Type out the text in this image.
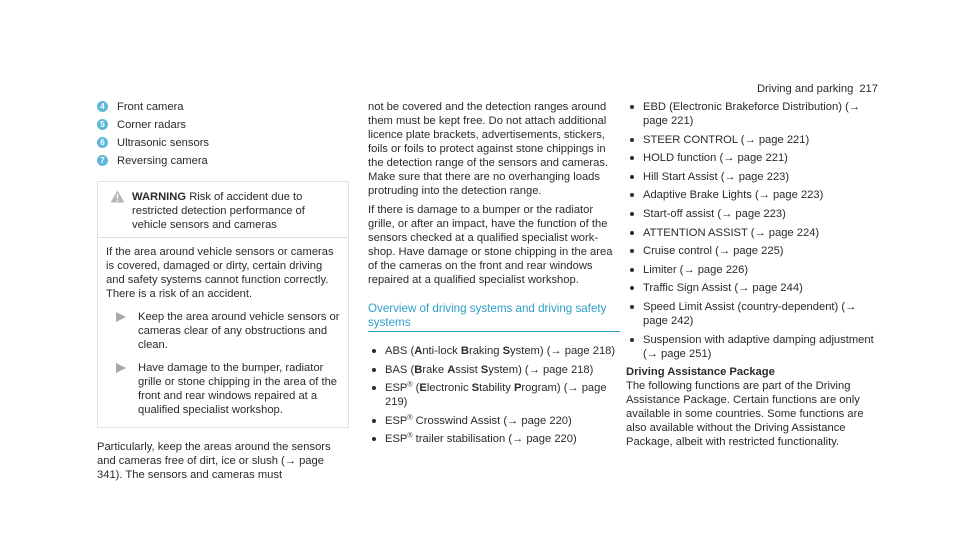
Driving and parking 217
4 Front camera
5 Corner radars
6 Ultrasonic sensors
7 Reversing camera
WARNING Risk of accident due to restricted detection performance of vehicle sensors and cameras

If the area around vehicle sensors or cameras is covered, damaged or dirty, certain driving and safety systems cannot function correctly. There is a risk of an accident.

Keep the area around vehicle sensors or cameras clear of any obstructions and clean.
Have damage to the bumper, radiator grille or stone chipping in the area of the front and rear windows repaired at a qualified specialist workshop.

Particularly, keep the areas around the sensors and cameras free of dirt, ice or slush (→ page 341). The sensors and cameras must

not be covered and the detection ranges around them must be kept free. Do not attach additional licence plate brackets, advertisements, stickers, foils or foils to protect against stone chippings in the detection range of the sensors and cameras. Make sure that there are no overhanging loads protruding into the detection range.

If there is damage to a bumper or the radiator grille, or after an impact, have the function of the sensors checked at a qualified specialist workshop. Have damage or stone chipping in the area of the cameras on the front and rear windows repaired at a qualified specialist workshop.

Overview of driving systems and driving safety systems
ABS (Anti-lock Braking System) (→ page 218)
BAS (Brake Assist System) (→ page 218)
ESP® (Electronic Stability Program) (→ page 219)
ESP® Crosswind Assist (→ page 220)
ESP® trailer stabilisation (→ page 220)
EBD (Electronic Brakeforce Distribution) (→ page 221)
STEER CONTROL (→ page 221)
HOLD function (→ page 221)
Hill Start Assist (→ page 223)
Adaptive Brake Lights (→ page 223)
Start-off assist (→ page 223)
ATTENTION ASSIST (→ page 224)
Cruise control (→ page 225)
Limiter (→ page 226)
Traffic Sign Assist (→ page 244)
Speed Limit Assist (country-dependent) (→ page 242)
Suspension with adaptive damping adjustment (→ page 251)
Driving Assistance Package

The following functions are part of the Driving Assistance Package. Certain functions are only available in some countries. Some functions are also available without the Driving Assistance Package, albeit with restricted functionality.
